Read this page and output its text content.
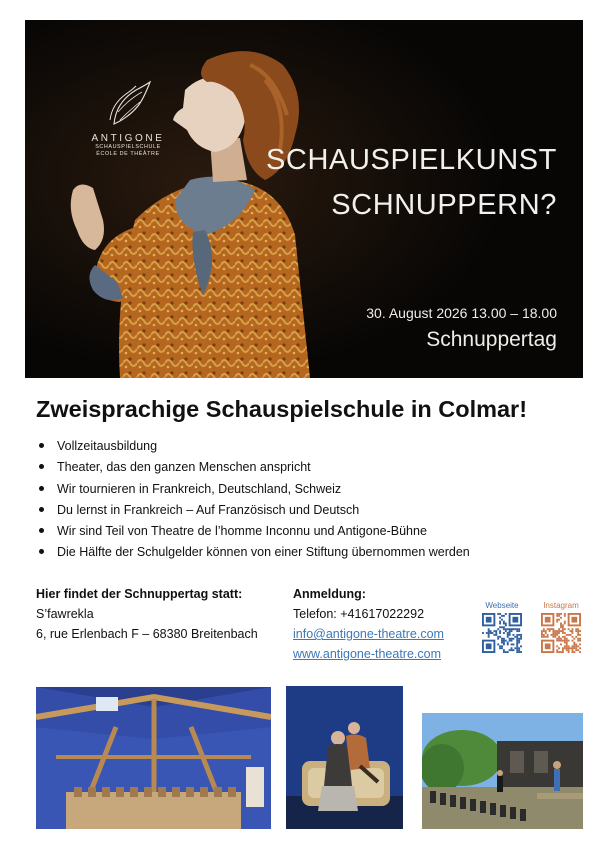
ANTIGONE
SCHAUSPIELSCHULE
ÉCOLE DE THÉÂTRE	SCHAUSPIELKUNST
SCHNUPPERN?
30. August 2026 13.00 – 18.00
Schnuppertag
Zweisprachige Schauspielschule in Colmar!
Vollzeitausbildung
Theater, das den ganzen Menschen anspricht
Wir tournieren in Frankreich, Deutschland, Schweiz
Du lernst in Frankreich – Auf Französisch und Deutsch
Wir sind Teil von Theatre de l’homme Inconnu und Antigone-Bühne
Die Hälfte der Schulgelder können von einer Stiftung übernommen werden
Hier findet der Schnuppertag statt:
S’fawrekla
6, rue Erlenbach F – 68380 Breitenbach
Anmeldung:
Telefon: +41617022292
info@antigone-theatre.com
www.antigone-theatre.com
Webseite	Instagram
